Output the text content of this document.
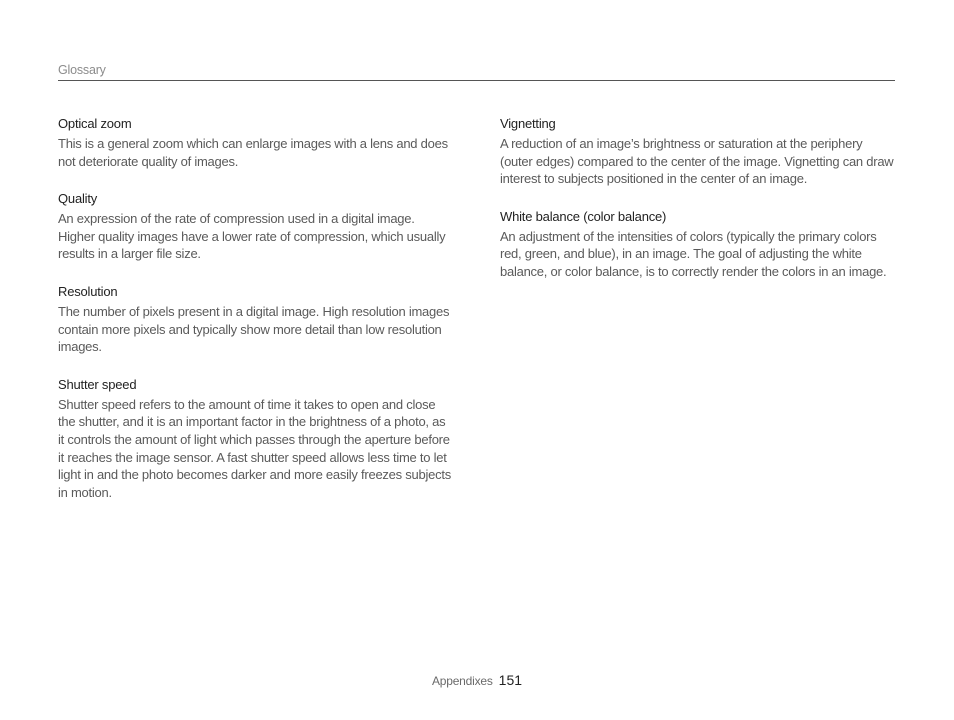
Glossary

Optical zoom

This is a general zoom which can enlarge images with a lens and does not deteriorate quality of images.

Quality

An expression of the rate of compression used in a digital image. Higher quality images have a lower rate of compression, which usually results in a larger file size.

Resolution

The number of pixels present in a digital image. High resolution images contain more pixels and typically show more detail than low resolution images.

Shutter speed

Shutter speed refers to the amount of time it takes to open and close the shutter, and it is an important factor in the brightness of a photo, as it controls the amount of light which passes through the aperture before it reaches the image sensor. A fast shutter speed allows less time to let light in and the photo becomes darker and more easily freezes subjects in motion.

Vignetting

A reduction of an image’s brightness or saturation at the periphery (outer edges) compared to the center of the image. Vignetting can draw interest to subjects positioned in the center of an image.

White balance (color balance)

An adjustment of the intensities of colors (typically the primary colors red, green, and blue), in an image. The goal of adjusting the white balance, or color balance, is to correctly render the colors in an image.

Appendixes 151
